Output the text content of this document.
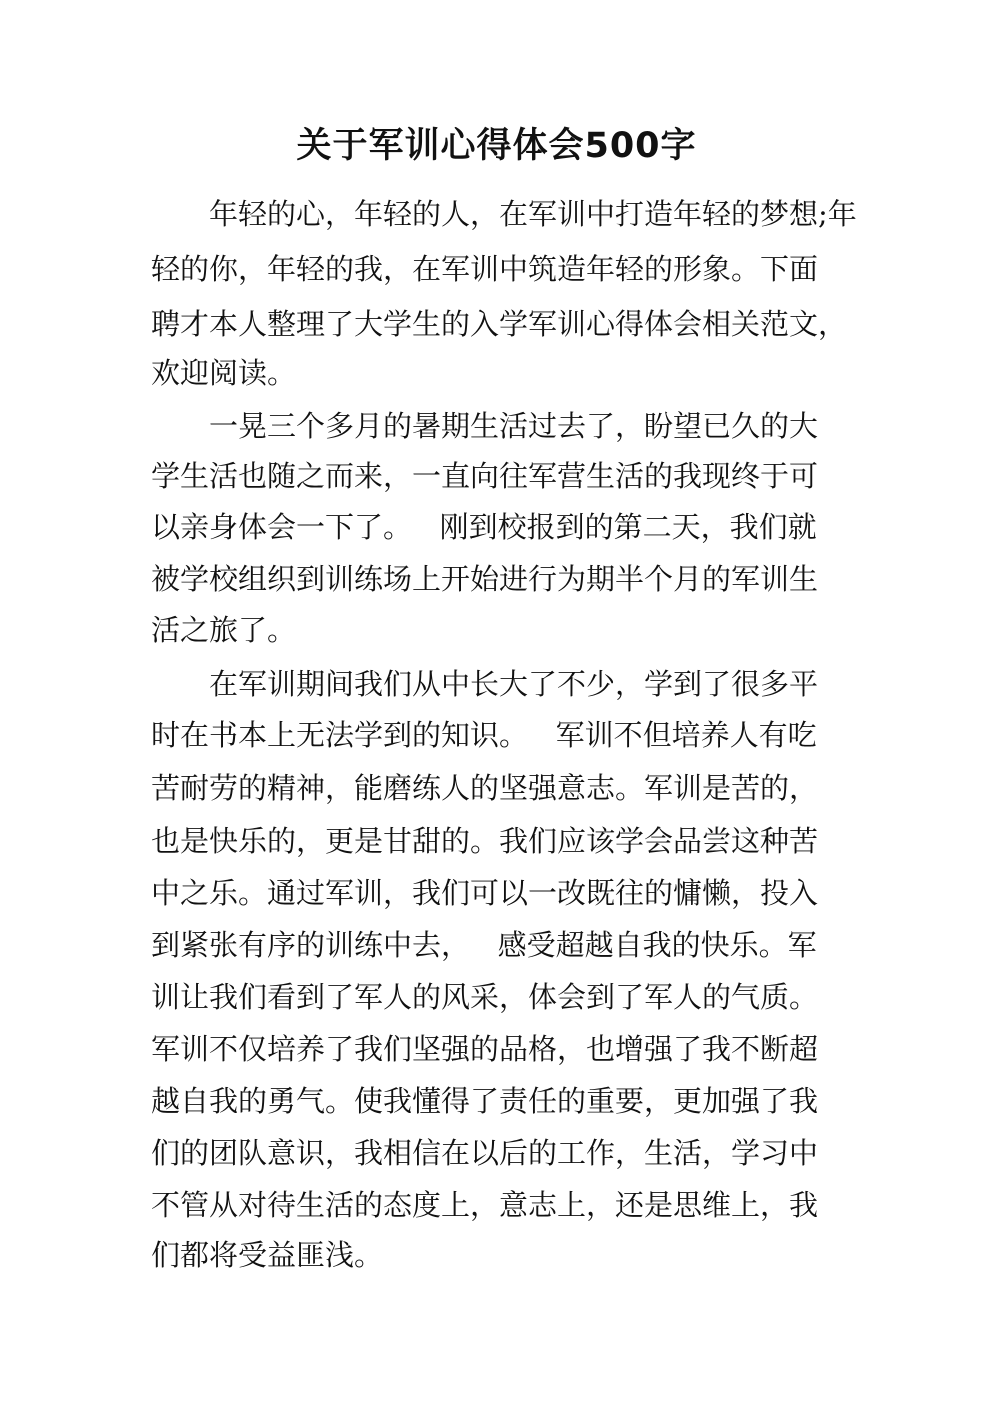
关于军训心得体会500字

年轻的心，年轻的人，在军训中打造年轻的梦想;年

轻的你，年轻的我，在军训中筑造年轻的形象。下面

聘才本人整理了大学生的入学军训心得体会相关范文，

欢迎阅读。

一晃三个多月的暑期生活过去了，盼望已久的大

学生活也随之而来，一直向往军营生活的我现终于可

以亲身体会一下了。   刚到校报到的第二天，我们就

被学校组织到训练场上开始进行为期半个月的军训生

活之旅了。

在军训期间我们从中长大了不少，学到了很多平

时在书本上无法学到的知识。   军训不但培养人有吃

苦耐劳的精神，能磨练人的坚强意志。军训是苦的，

也是快乐的，更是甘甜的。我们应该学会品尝这种苦

中之乐。通过军训，我们可以一改既往的慵懒，投入

到紧张有序的训练中去，   感受超越自我的快乐。军

训让我们看到了军人的风采，体会到了军人的气质。

军训不仅培养了我们坚强的品格，也增强了我不断超

越自我的勇气。使我懂得了责任的重要，更加强了我

们的团队意识，我相信在以后的工作，生活，学习中

不管从对待生活的态度上，意志上，还是思维上，我

们都将受益匪浅。
